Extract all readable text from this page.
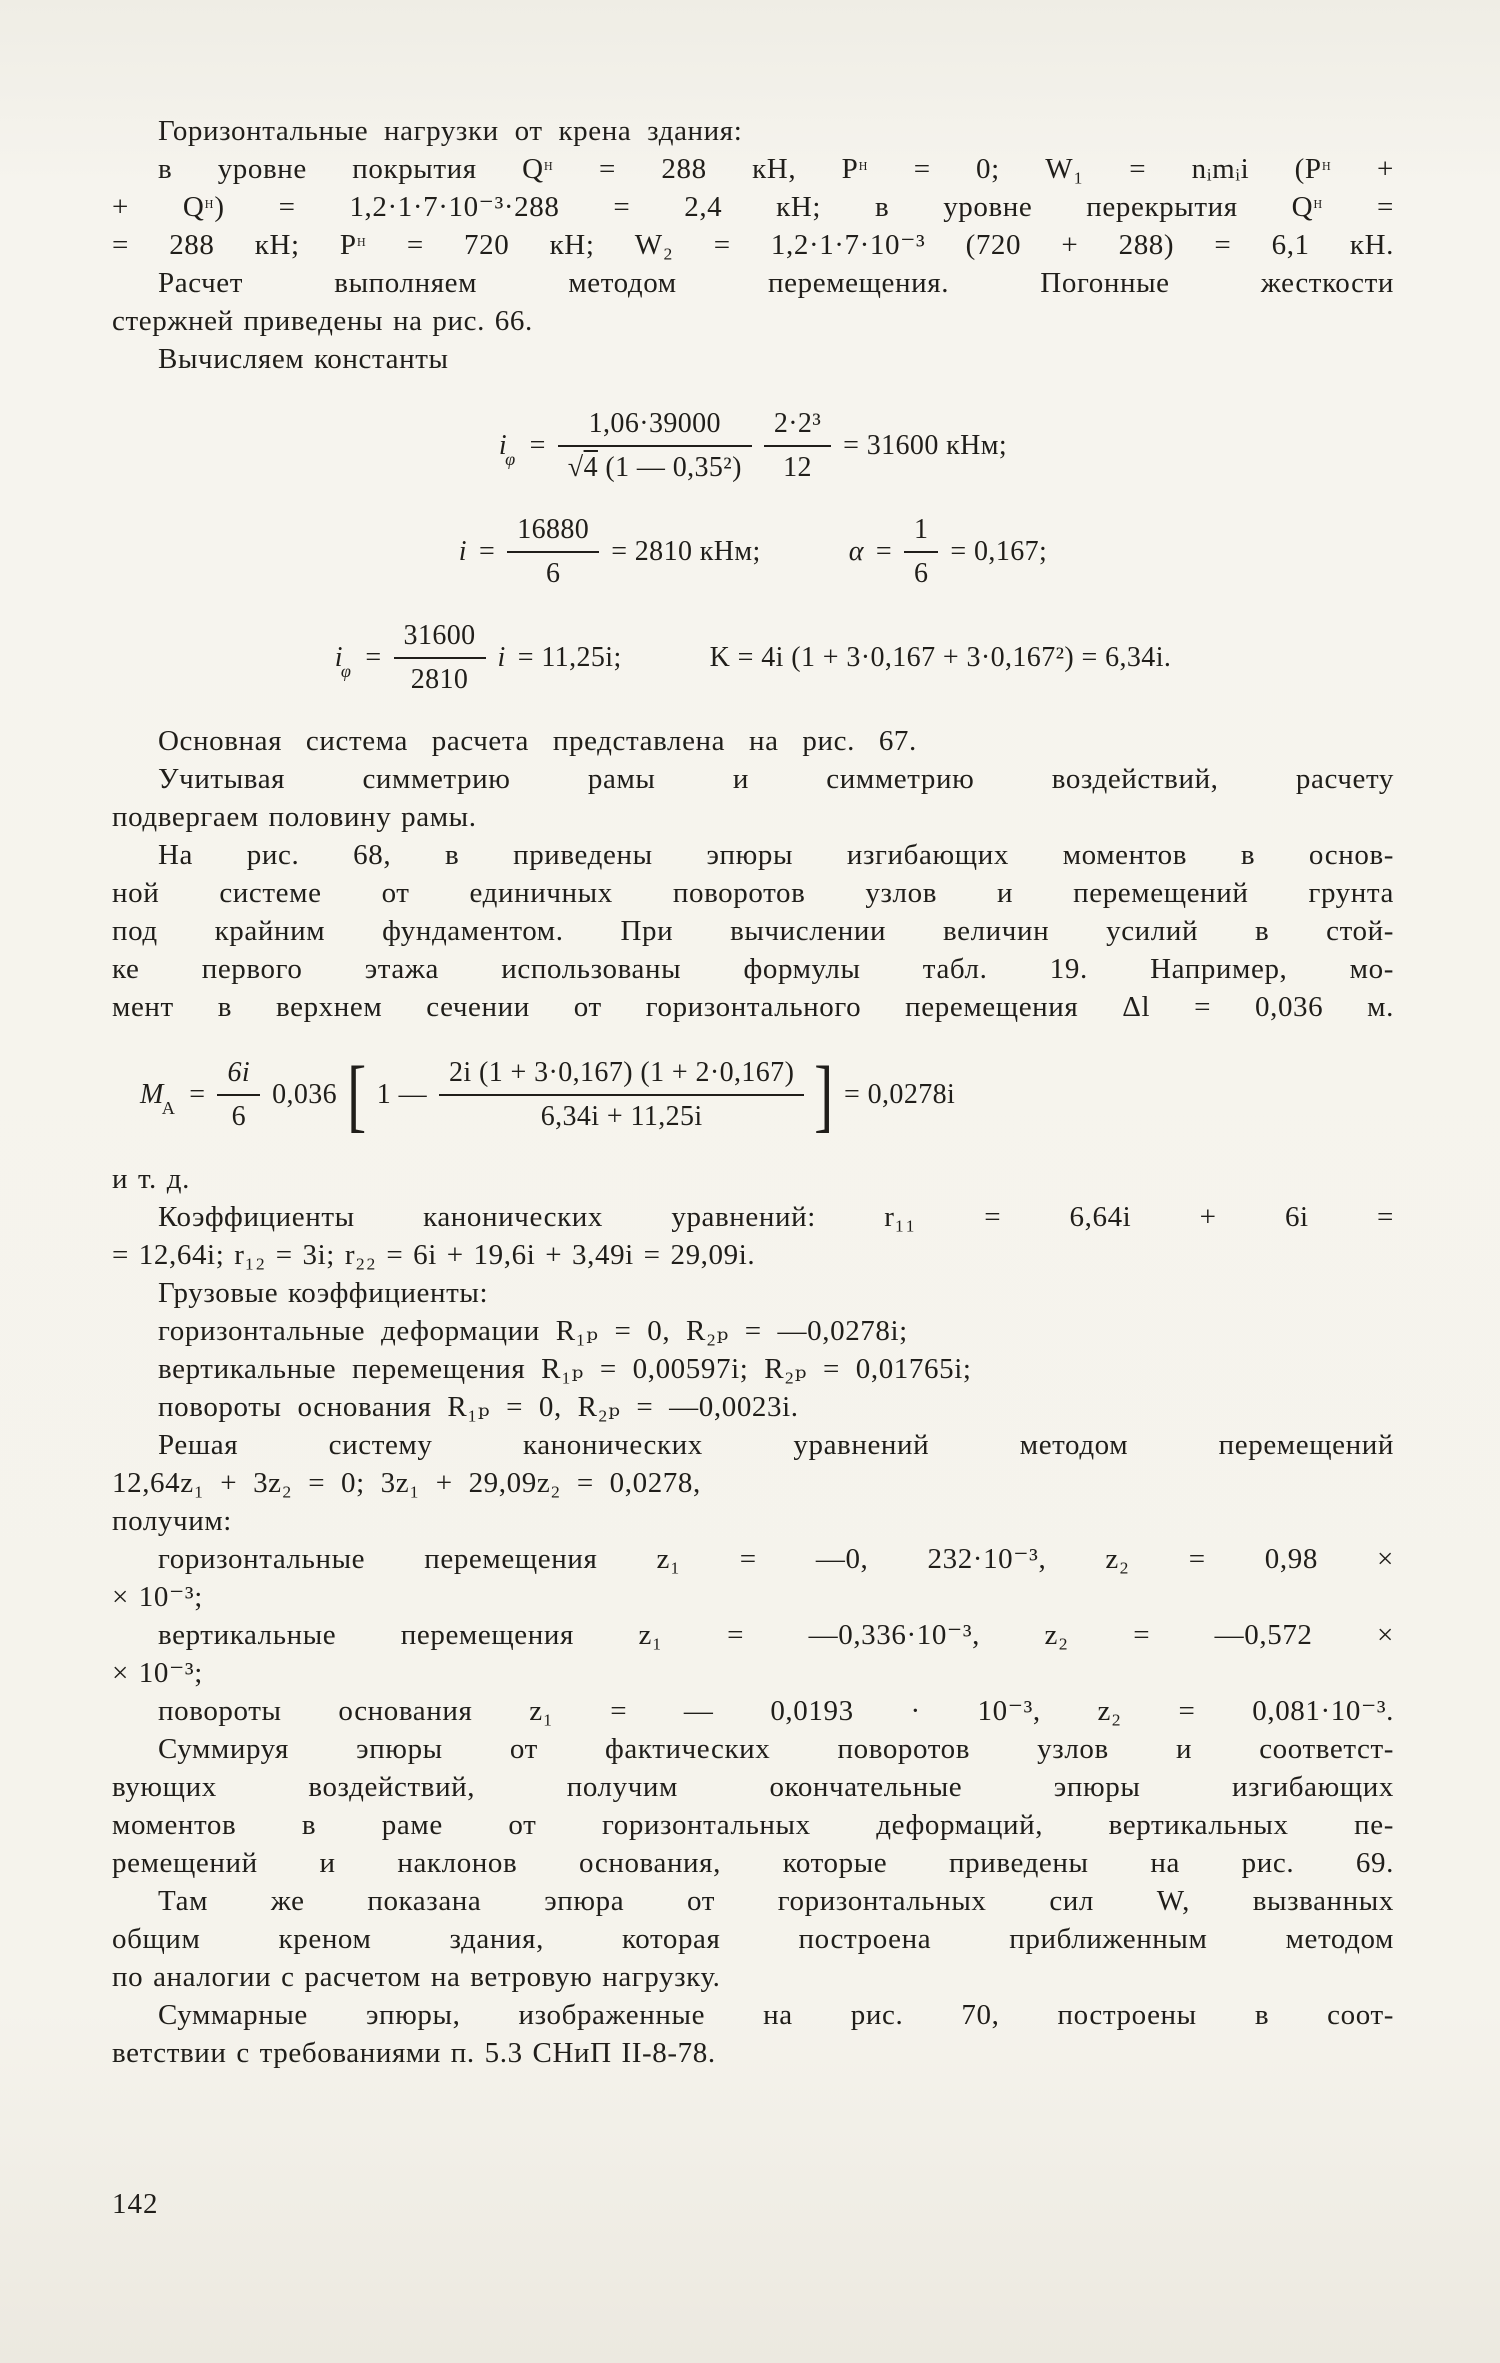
Горизонтальные нагрузки от крена здания:
в уровне покрытия Qᵸ = 288 кН, Pᵸ = 0; W₁ = nᵢmᵢi (Pᵸ +
+ Qᵸ) = 1,2·1·7·10⁻³·288 = 2,4 кН; в уровне перекрытия Qᵸ =
= 288 кН; Pᵸ = 720 кН; W₂ = 1,2·1·7·10⁻³ (720 + 288) = 6,1 кН.
Расчет выполняем методом перемещения. Погонные жесткости
стержней приведены на рис. 66.
Вычисляем константы
$i_\varphi = \frac{1,06\cdot 39000}{\text{√4 (1 — 0,35²)}} \frac{\text{2·2³}}{12} = 31600$ кНм;
$i = \frac{16880}{6} = 2810$ кНм;	$\alpha = \frac{1}{6} = 0,167$;
$i_\varphi = \frac{31600}{2810}$ i = 11,25i;	K = 4i (1 + 3·0,167 + 3·0,167²) = 6,34i.
Основная система расчета представлена на рис. 67.
Учитывая симметрию рамы и симметрию воздействий, расчету
подвергаем половину рамы.
На рис. 68, в приведены эпюры изгибающих моментов в основ-
ной системе от единичных поворотов узлов и перемещений грунта
под крайним фундаментом. При вычислении величин усилий в стой-
ке первого этажа использованы формулы табл. 19. Например, мо-
мент в верхнем сечении от горизонтального перемещения Δl = 0,036 м.
$M_А = \frac{6i}{6} 0,036$ [ 1 — $\frac{2i (1 + 3\cdot 0,167) (1 + 2\cdot 0,167)}{6,34i + 11,25i}$ ] = 0,0278i
и т. д.
Коэффициенты канонических уравнений: r₁₁ = 6,64i + 6i =
= 12,64i; r₁₂ = 3i; r₂₂ = 6i + 19,6i + 3,49i = 29,09i.
Грузовые коэффициенты:
горизонтальные деформации R₁ₚ = 0, R₂ₚ = —0,0278i;
вертикальные перемещения R₁ₚ = 0,00597i; R₂ₚ = 0,01765i;
повороты основания R₁ₚ = 0, R₂ₚ = —0,0023i.
Решая систему канонических уравнений методом перемещений
12,64z₁ + 3z₂ = 0; 3z₁ + 29,09z₂ = 0,0278,
получим:
горизонтальные перемещения z₁ = —0, 232·10⁻³, z₂ = 0,98 ×
× 10⁻³;
вертикальные перемещения z₁ = —0,336·10⁻³, z₂ = —0,572 ×
× 10⁻³;
повороты основания z₁ = — 0,0193 · 10⁻³, z₂ = 0,081·10⁻³.
Суммируя эпюры от фактических поворотов узлов и соответст-
вующих воздействий, получим окончательные эпюры изгибающих
моментов в раме от горизонтальных деформаций, вертикальных пе-
ремещений и наклонов основания, которые приведены на рис. 69.
Там же показана эпюра от горизонтальных сил W, вызванных
общим креном здания, которая построена приближенным методом
по аналогии с расчетом на ветровую нагрузку.
Суммарные эпюры, изображенные на рис. 70, построены в соот-
ветствии с требованиями п. 5.3 СНиП II-8-78.
142
